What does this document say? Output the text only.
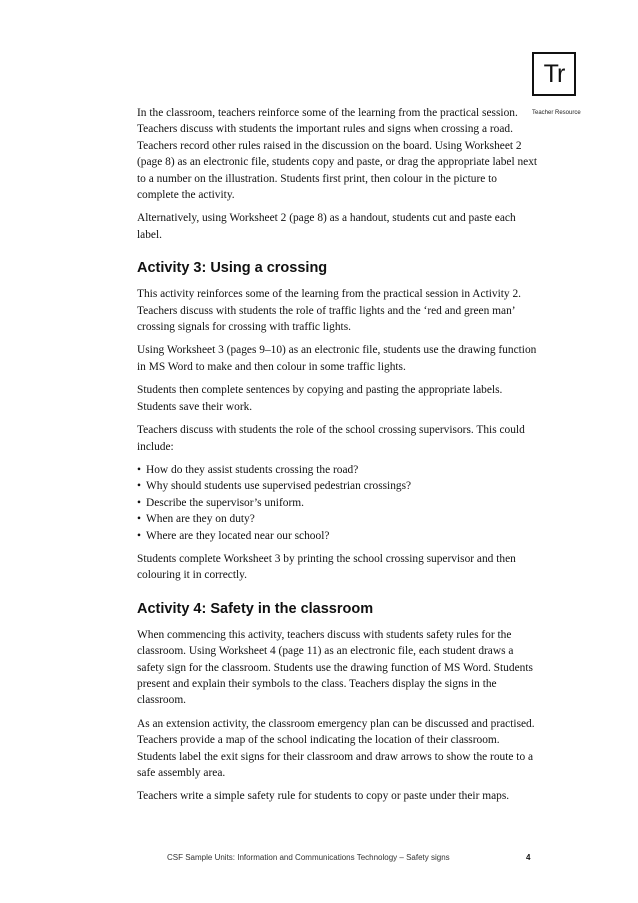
Tr
Teacher Resource

In the classroom, teachers reinforce some of the learning from the practical session. Teachers discuss with students the important rules and signs when crossing a road. Teachers record other rules raised in the discussion on the board. Using Worksheet 2 (page 8) as an electronic file, students copy and paste, or drag the appropriate label next to a number on the illustration. Students first print, then colour in the picture to complete the activity.

Alternatively, using Worksheet 2 (page 8) as a handout, students cut and paste each label.

Activity 3: Using a crossing

This activity reinforces some of the learning from the practical session in Activity 2. Teachers discuss with students the role of traffic lights and the ‘red and green man’ crossing signals for crossing with traffic lights.

Using Worksheet 3 (pages 9–10) as an electronic file, students use the drawing function in MS Word to make and then colour in some traffic lights.

Students then complete sentences by copying and pasting the appropriate labels. Students save their work.

Teachers discuss with students the role of the school crossing supervisors. This could include:

• How do they assist students crossing the road?
• Why should students use supervised pedestrian crossings?
• Describe the supervisor’s uniform.
• When are they on duty?
• Where are they located near our school?

Students complete Worksheet 3 by printing the school crossing supervisor and then colouring it in correctly.

Activity 4: Safety in the classroom

When commencing this activity, teachers discuss with students safety rules for the classroom. Using Worksheet 4 (page 11) as an electronic file, each student draws a safety sign for the classroom. Students use the drawing function of MS Word. Students present and explain their symbols to the class. Teachers display the signs in the classroom.

As an extension activity, the classroom emergency plan can be discussed and practised. Teachers provide a map of the school indicating the location of their classroom. Students label the exit signs for their classroom and draw arrows to show the route to a safe assembly area.

Teachers write a simple safety rule for students to copy or paste under their maps.

CSF Sample Units: Information and Communications Technology – Safety signs	4
